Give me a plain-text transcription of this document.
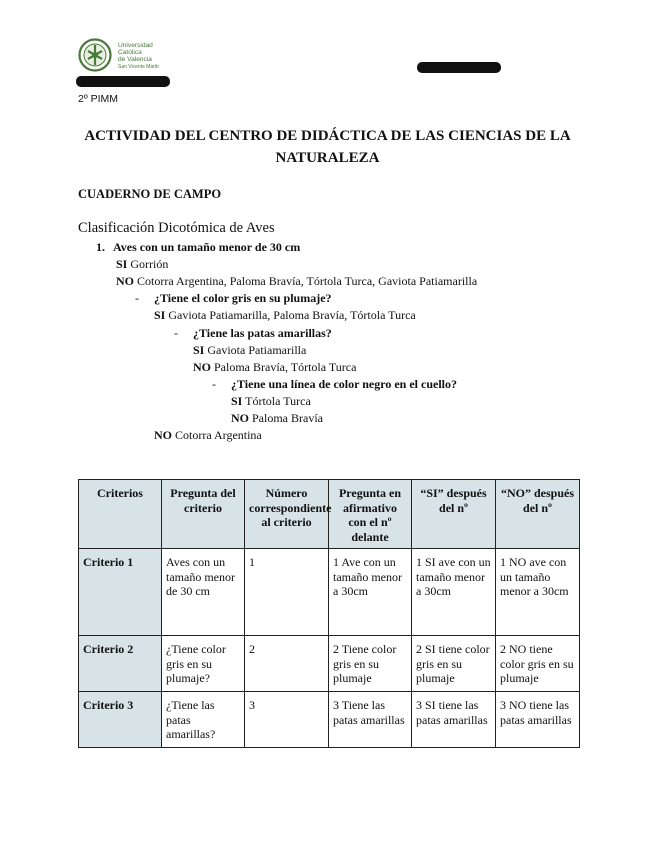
Universidad
Católica
de Valencia
San Vicente Mártir
2º PIMM
ACTIVIDAD DEL CENTRO DE DIDÁCTICA DE LAS CIENCIAS DE LA NATURALEZA
CUADERNO DE CAMPO
Clasificación Dicotómica de Aves
1. Aves con un tamaño menor de 30 cm
SI Gorrión
NO Cotorra Argentina, Paloma Bravía, Tórtola Turca, Gaviota Patiamarilla
- ¿Tiene el color gris en su plumaje?
SI Gaviota Patiamarilla, Paloma Bravía, Tórtola Turca
- ¿Tiene las patas amarillas?
SI Gaviota Patiamarilla
NO Paloma Bravía, Tórtola Turca
- ¿Tiene una línea de color negro en el cuello?
SI Tórtola Turca
NO Paloma Bravía
NO Cotorra Argentina
Criterios	Pregunta del criterio	Número correspondiente al criterio	Pregunta en afirmativo con el nº delante	“SI” después del nº	“NO” después del nº
Criterio 1	Aves con un tamaño menor de 30 cm	1	1 Ave con un tamaño menor a 30cm	1 SI ave con un tamaño menor a 30cm	1 NO ave con un tamaño menor a 30cm
Criterio 2	¿Tiene color gris en su plumaje?	2	2 Tiene color gris en su plumaje	2 SI tiene color gris en su plumaje	2 NO tiene color gris en su plumaje
Criterio 3	¿Tiene las patas amarillas?	3	3 Tiene las patas amarillas	3 SI tiene las patas amarillas	3 NO tiene las patas amarillas
